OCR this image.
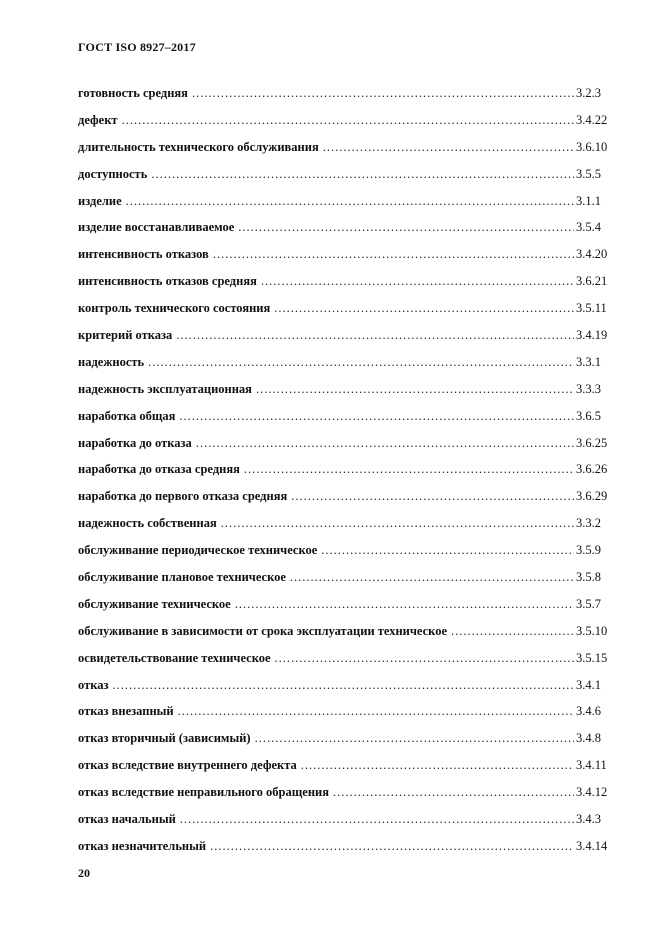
ГОСТ ISO 8927–2017
готовность средняя .....	3.2.3
дефект .....	3.4.22
длительность технического обслуживания .....	3.6.10
доступность .....	3.5.5
изделие .....	3.1.1
изделие восстанавливаемое .....	3.5.4
интенсивность отказов .....	3.4.20
интенсивность отказов средняя .....	3.6.21
контроль технического состояния .....	3.5.11
критерий отказа .....	3.4.19
надежность .....	3.3.1
надежность эксплуатационная .....	3.3.3
наработка общая .....	3.6.5
наработка до отказа .....	3.6.25
наработка до отказа средняя .....	3.6.26
наработка до первого отказа средняя .....	3.6.29
надежность собственная .....	3.3.2
обслуживание периодическое техническое .....	3.5.9
обслуживание плановое техническое .....	3.5.8
обслуживание техническое .....	3.5.7
обслуживание в зависимости от срока эксплуатации техническое .....	3.5.10
освидетельствование техническое .....	3.5.15
отказ .....	3.4.1
отказ внезапный .....	3.4.6
отказ вторичный (зависимый) .....	3.4.8
отказ вследствие внутреннего дефекта .....	3.4.11
отказ вследствие неправильного обращения .....	3.4.12
отказ начальный .....	3.4.3
отказ незначительный .....	3.4.14
20
